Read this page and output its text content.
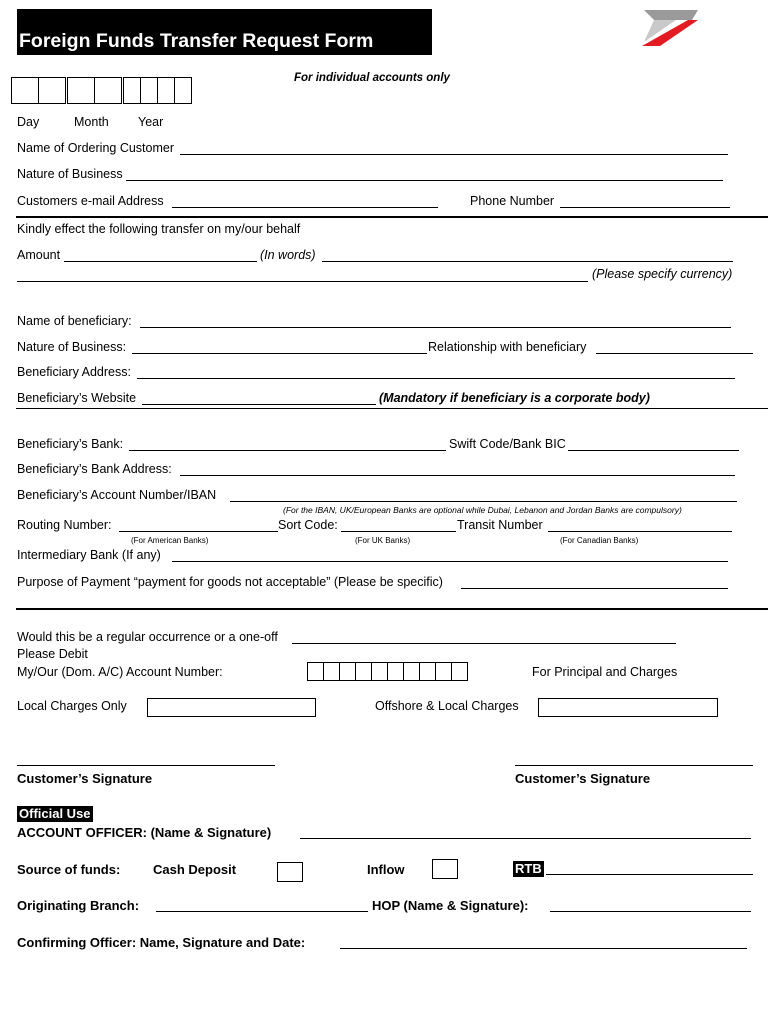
Foreign Funds Transfer Request Form
For individual accounts only
Day	Month Year
Name of Ordering Customer
Nature of Business
Customers e-mail Address	Phone Number
Kindly effect the following transfer on my/our behalf
Amount	(In words)
(Please specify currency)
Name of beneficiary:
Nature of Business:	Relationship with beneficiary
Beneficiary Address:
Beneficiary’s Website	(Mandatory if beneficiary is a corporate body)
Beneficiary’s Bank:	Swift Code/Bank BIC
Beneficiary’s Bank Address:
Beneficiary’s Account Number/IBAN
(For the IBAN, UK/European Banks are optional while Dubai, Lebanon and Jordan Banks are compulsory)
Routing Number:	Sort Code:	Transit Number
(For American Banks)	(For UK Banks)	(For Canadian Banks)
Intermediary Bank (If any)
Purpose of Payment “payment for goods not acceptable” (Please be specific)
Would this be a regular occurrence or a one-off
Please Debit
My/Our (Dom. A/C) Account Number:	For Principal and Charges
Local Charges Only	Offshore & Local Charges
Customer’s Signature	Customer’s Signature
Official Use
ACCOUNT OFFICER: (Name & Signature)
Source of funds:	Cash Deposit	Inflow	RTB
Originating Branch:	HOP (Name & Signature):
Confirming Officer: Name, Signature and Date:
